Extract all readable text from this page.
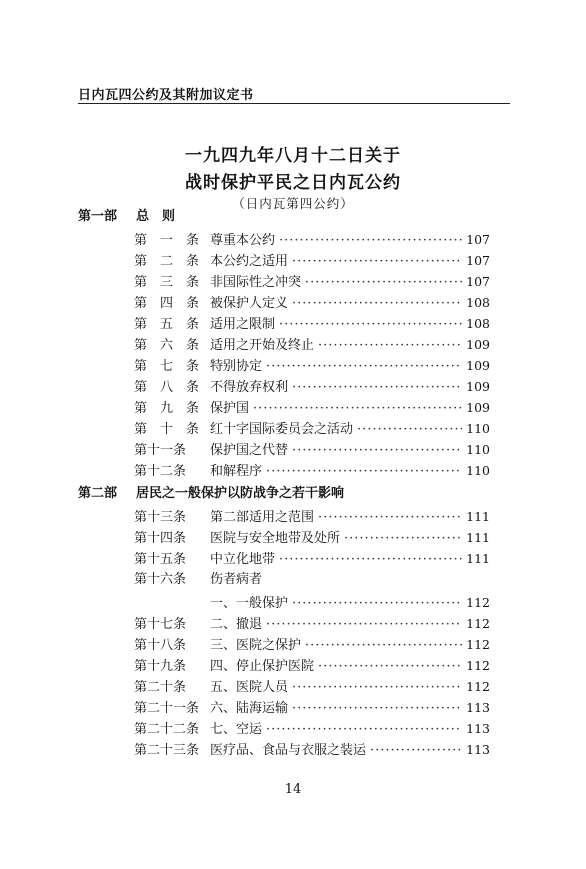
日内瓦四公约及其附加议定书
一九四九年八月十二日关于
战时保护平民之日内瓦公约
（日内瓦第四公约）
第一部 总　则
第　一　条 尊重本公约 ·····	107
第　二　条 本公约之适用 ·····	107
第　三　条 非国际性之冲突 ·····	107
第　四　条 被保护人定义 ·····	108
第　五　条 适用之限制 ·····	108
第　六　条 适用之开始及终止 ·····	109
第　七　条 特别协定 ·····	109
第　八　条 不得放弃权利 ·····	109
第　九　条 保护国 ·····	109
第　十　条 红十字国际委员会之活动 ·····	110
第十一条	保护国之代替 ·····	110
第十二条	和解程序 ·····	110
第二部 居民之一般保护以防战争之若干影响
第十三条	第二部适用之范围 ·····	111
第十四条	医院与安全地带及处所 ·····	111
第十五条	中立化地带 ·····	111
第十六条	伤者病者
一、一般保护 ·····	112
第十七条	二、撤退 ·····	112
第十八条	三、医院之保护 ·····	112
第十九条	四、停止保护医院 ·····	112
第二十条	五、医院人员 ·····	112
第二十一条 六、陆海运输 ·····	113
第二十二条 七、空运 ·····	113
第二十三条 医疗品、食品与衣服之装运 ·····	113
14
